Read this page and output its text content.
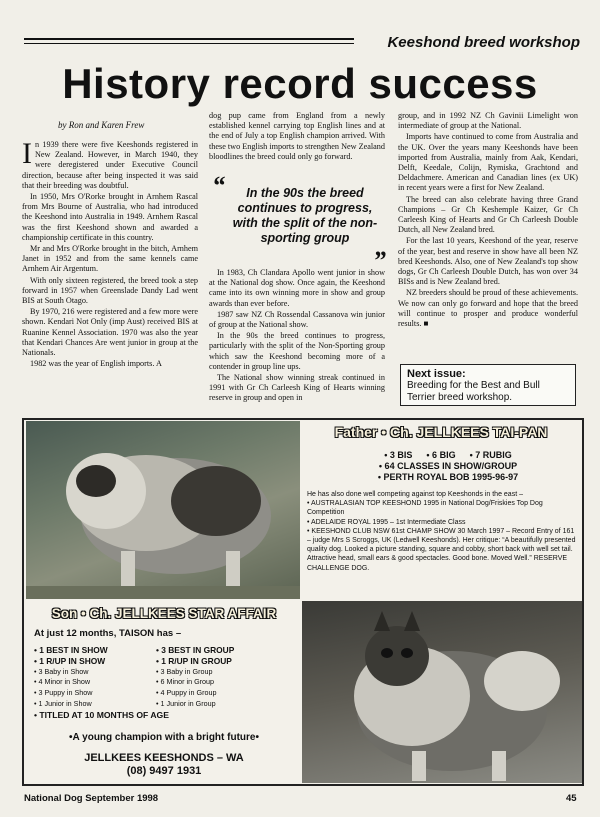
Keeshond breed workshop
History record success
by Ron and Karen Frew

In 1939 there were five Keeshonds registered in New Zealand. However, in March 1940, they were deregistered under Executive Council direction, because after being inspected it was said that their breeding was doubtful.

In 1950, Mrs O'Rorke brought in Arnhem Rascal from Mrs Bourne of Australia, who had introduced the Keeshond into Australia in 1949. Arnhem Rascal was the first Keeshond shown and awarded a championship certificate in this country.

Mr and Mrs O'Rorke brought in the bitch, Arnhem Janet in 1952 and from the same kennels came Arnhem Air Argentum.

With only sixteen registered, the breed took a step forward in 1957 when Greenslade Dandy Lad went BIS at South Otago.

By 1970, 216 were registered and a few more were shown. Kendari Not Only (imp Aust) received BIS at Ruanine Kennel Association. 1970 was also the year that Kendari Chances Are went junior in group at the Nationals.

1982 was the year of English imports. A

dog pup came from England from a newly established kennel carrying top English lines and at the end of July a top English champion arrived. With these two English imports to strengthen New Zealand bloodlines the breed could only go forward.

“	In the 90s the breed continues to progress, with the split of the non-sporting group
”

In 1983, Ch Clandara Apollo went junior in show at the National dog show. Once again, the Keeshond came into its own winning more in show and group awards than ever before.

1987 saw NZ Ch Rossendal Cassanova win junior of group at the National show.

In the 90s the breed continues to progress, particularly with the split of the Non-Sporting group which saw the Keeshond becoming more of a contender in group line ups.

The National show winning streak continued in 1991 with Gr Ch Carleesh King of Hearts winning reserve in group and open in

group, and in 1992 NZ Ch Gavinii Limelight won intermediate of group at the National.

Imports have continued to come from Australia and the UK. Over the years many Keeshonds have been imported from Australia, mainly from Aak, Kendari, Delft, Keedale, Colijn, Rymiska, Grachtond and Deldachmere. American and Canadian lines (ex UK) in recent years were a first for New Zealand.

The breed can also celebrate having three Grand Champions – Gr Ch Keshemple Kaizer, Gr Ch Carleesh King of Hearts and Gr Ch Carleesh Double Dutch, all New Zealand bred.

For the last 10 years, Keeshond of the year, reserve of the year, best and reserve in show have all been NZ bred Keeshonds. Also, one of New Zealand's top show dogs, Gr Ch Carleesh Double Dutch, has won over 34 BISs and is New Zealand bred.

NZ breeders should be proud of these achievements. We now can only go forward and hope that the breed will continue to prosper and produce wonderful results. ■

Next issue:
Breeding for the Best and Bull Terrier breed workshop.
Father • Ch. JELLKEES TAI-PAN
• 3 BIS • 6 BIG • 7 RUBIG
• 64 CLASSES IN SHOW/GROUP
• PERTH ROYAL BOB 1995-96-97

He has also done well competing against top Keeshonds in the east –

• AUSTRALASIAN TOP KEESHOND 1995 in National Dog/Friskies Top Dog Competition

• ADELAIDE ROYAL 1995 – 1st Intermediate Class

• KEESHOND CLUB NSW 61st CHAMP SHOW 30 March 1997 – Record Entry of 161 – judge Mrs S Scroggs, UK (Ledwell Keeshonds). Her critique: “A beautifully presented quality dog. Looked a picture standing, square and cobby, short back with well set tail. Attractive head, small ears & good spectacles. Good bone. Moved Well.” RESERVE CHALLENGE DOG.

Son • Ch. JELLKEES STAR AFFAIR
At just 12 months, TAISON has –
• 1 BEST IN SHOW
• 1 R/UP IN SHOW
• 3 Baby in Show
• 4 Minor in Show
• 3 Puppy in Show
• 1 Junior in Show
• 3 BEST IN GROUP
• 1 R/UP IN GROUP
• 3 Baby in Group
• 6 Minor in Group
• 4 Puppy in Group
• 1 Junior in Group
• TITLED AT 10 MONTHS OF AGE
•A young champion with a bright future•
JELLKEES KEESHONDS – WA
(08) 9497 1931
National Dog September 1998	45
